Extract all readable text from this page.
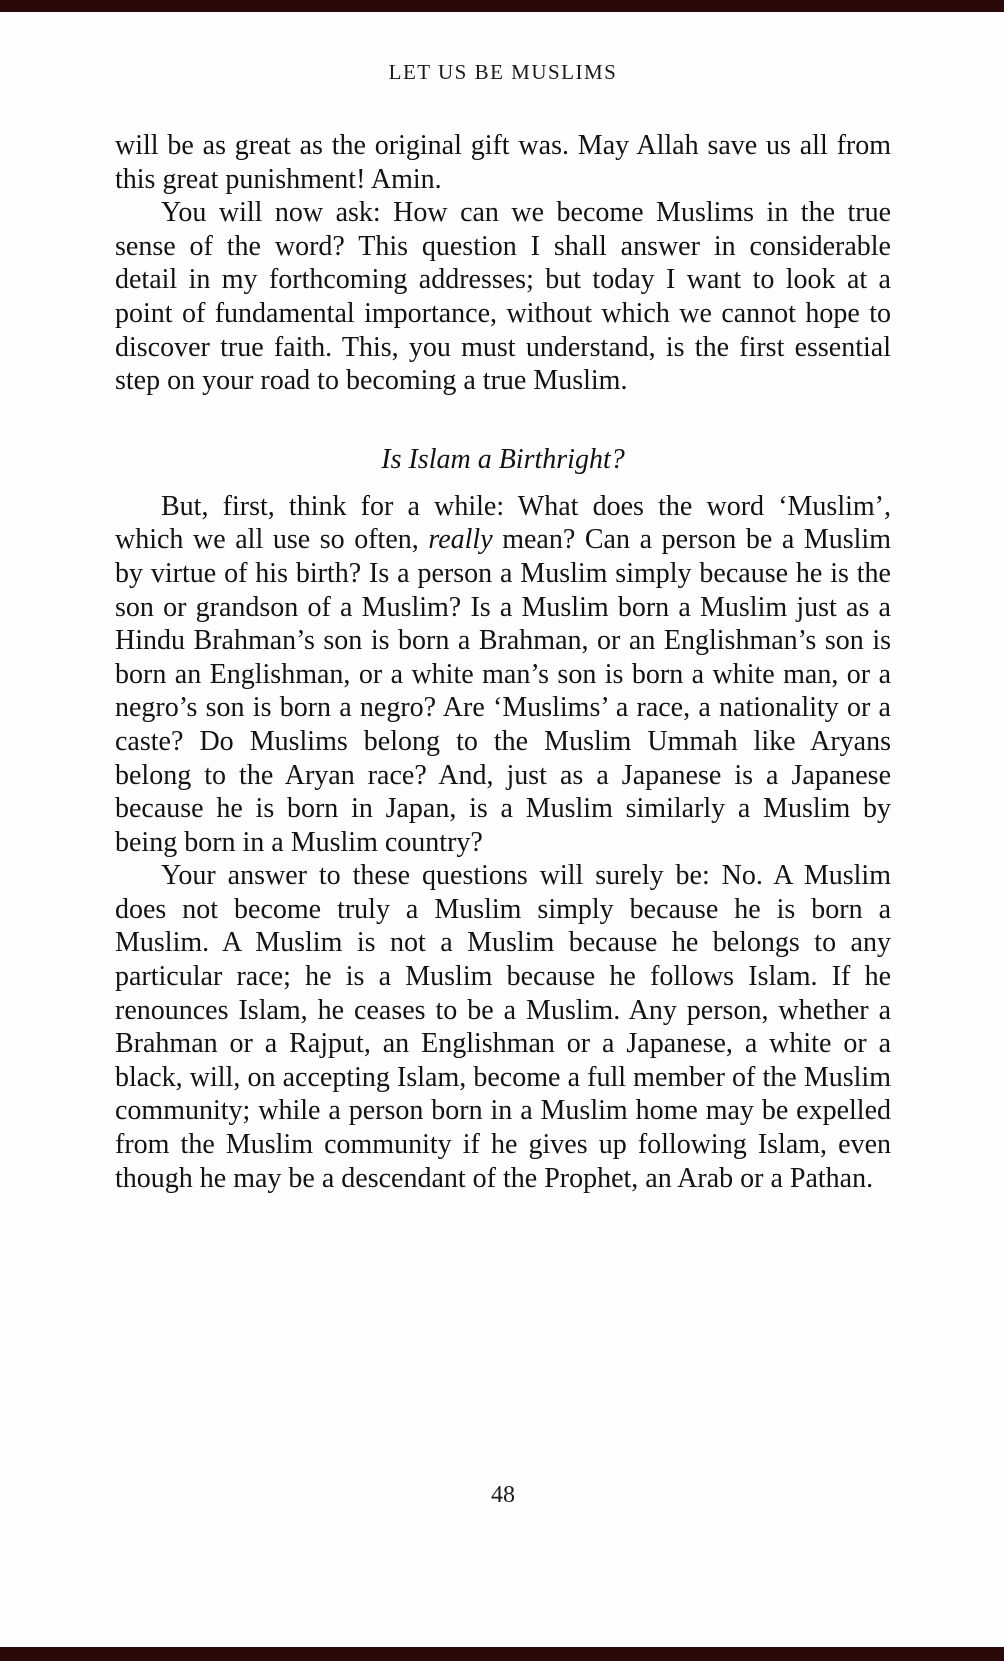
LET US BE MUSLIMS

will be as great as the original gift was. May Allah save us all from this great punishment! Amin.

You will now ask: How can we become Muslims in the true sense of the word? This question I shall answer in considerable detail in my forthcoming addresses; but today I want to look at a point of fundamental importance, without which we cannot hope to discover true faith. This, you must understand, is the first essential step on your road to becoming a true Muslim.

Is Islam a Birthright?

But, first, think for a while: What does the word ‘Muslim’, which we all use so often, really mean? Can a person be a Muslim by virtue of his birth? Is a person a Muslim simply because he is the son or grandson of a Muslim? Is a Muslim born a Muslim just as a Hindu Brahman’s son is born a Brahman, or an Englishman’s son is born an Englishman, or a white man’s son is born a white man, or a negro’s son is born a negro? Are ‘Muslims’ a race, a nationality or a caste? Do Muslims belong to the Muslim Ummah like Aryans belong to the Aryan race? And, just as a Japanese is a Japanese because he is born in Japan, is a Muslim similarly a Muslim by being born in a Muslim country?

Your answer to these questions will surely be: No. A Muslim does not become truly a Muslim simply because he is born a Muslim. A Muslim is not a Muslim because he belongs to any particular race; he is a Muslim because he follows Islam. If he renounces Islam, he ceases to be a Muslim. Any person, whether a Brahman or a Rajput, an Englishman or a Japanese, a white or a black, will, on accepting Islam, become a full member of the Muslim community; while a person born in a Muslim home may be expelled from the Muslim community if he gives up following Islam, even though he may be a descendant of the Prophet, an Arab or a Pathan.

48
